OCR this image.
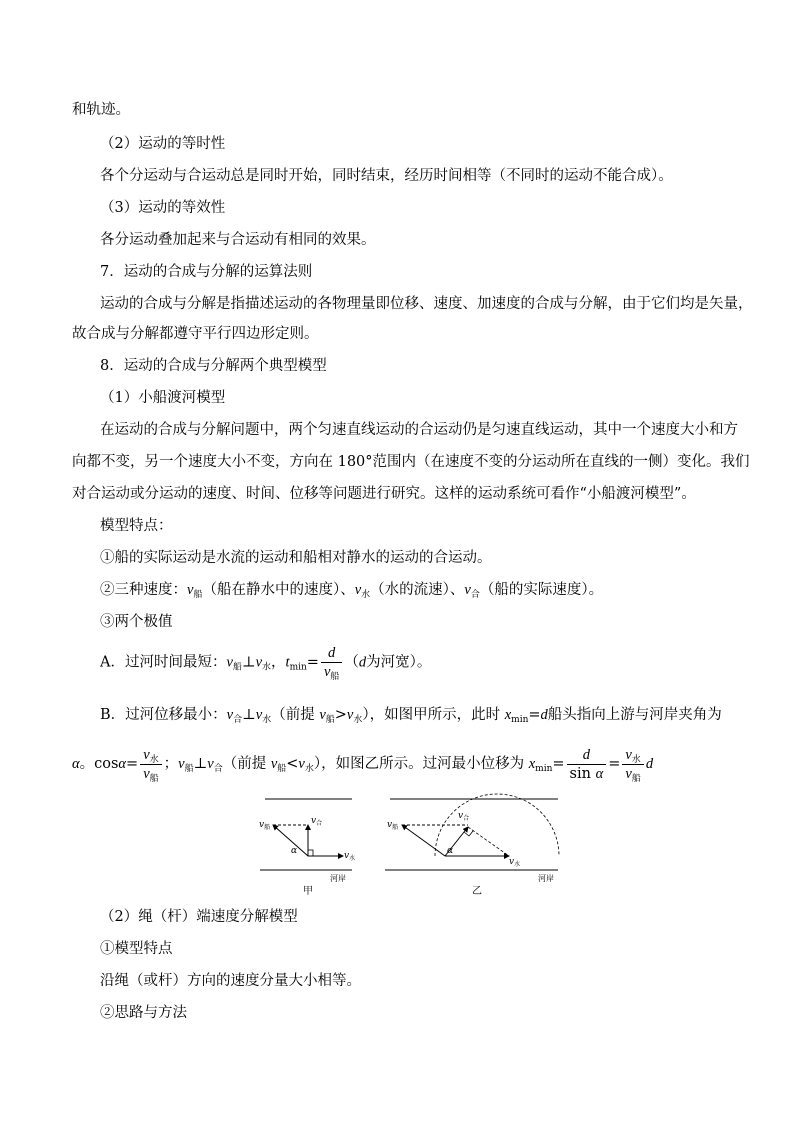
和轨迹。
（2）运动的等时性
各个分运动与合运动总是同时开始，同时结束，经历时间相等（不同时的运动不能合成）。
（3）运动的等效性
各分运动叠加起来与合运动有相同的效果。
7．运动的合成与分解的运算法则
运动的合成与分解是指描述运动的各物理量即位移、速度、加速度的合成与分解，由于它们均是矢量，
故合成与分解都遵守平行四边形定则。
8．运动的合成与分解两个典型模型
（1）小船渡河模型
在运动的合成与分解问题中，两个匀速直线运动的合运动仍是匀速直线运动，其中一个速度大小和方
向都不变，另一个速度大小不变，方向在 180°范围内（在速度不变的分运动所在直线的一侧）变化。我们
对合运动或分运动的速度、时间、位移等问题进行研究。这样的运动系统可看作“小船渡河模型”。
模型特点：
①船的实际运动是水流的运动和船相对静水的运动的合运动。
②三种速度：$v_船$（船在静水中的速度）、$v_水$（水的流速）、$v_合$（船的实际速度）。
③两个极值
A．过河时间最短：$v_船\perp v_水$，$t_{min}= \frac{d}{v_船} (d$为河宽）。
B．过河位移最小：$v_合\perp v_水$（前提 $v_船>v_水$），如图甲所示，此时 $x_{min}=d$船头指向上游与河岸夹角为
α。$\cos\alpha= \frac{v_水}{v_船}$ ；$v_船\perp v_合$（前提 $v_船<v_水$），如图乙所示。过河最小位移为 $x_{min}= \frac{d}{\text{sin α}} = \frac{v_水}{v_船}$ d
$v_船$
$v_合$
$v_水$
α
甲
$v_船$
$v_合$
$v_水$
α
河岸
乙
河岸
（2）绳（杆）端速度分解模型
①模型特点
沿绳（或杆）方向的速度分量大小相等。
②思路与方法
